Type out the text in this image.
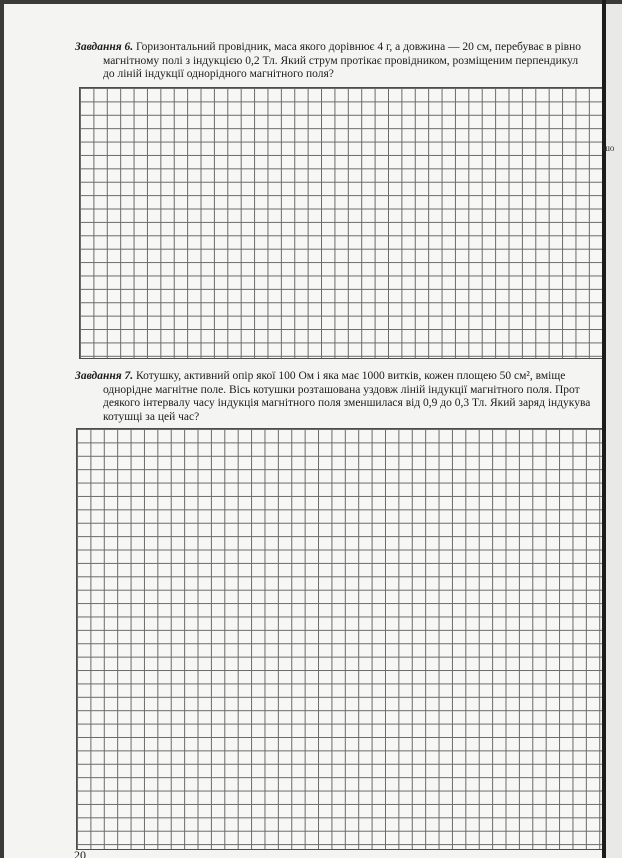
шо
Завдання 6. Горизонтальний провідник, маса якого дорівнює 4 г, а довжина — 20 см, перебуває в рівно
магнітному полі з індукцією 0,2 Тл. Який струм протікає провідником, розміщеним перпендикул
до ліній індукції однорідного магнітного поля?
Завдання 7. Котушку, активний опір якої 100 Ом і яка має 1000 витків, кожен площею 50 см², вміще
однорідне магнітне поле. Вісь котушки розташована уздовж ліній індукції магнітного поля. Прот
деякого інтервалу часу індукція магнітного поля зменшилася від 0,9 до 0,3 Тл. Який заряд індукува
котушці за цей час?
20
